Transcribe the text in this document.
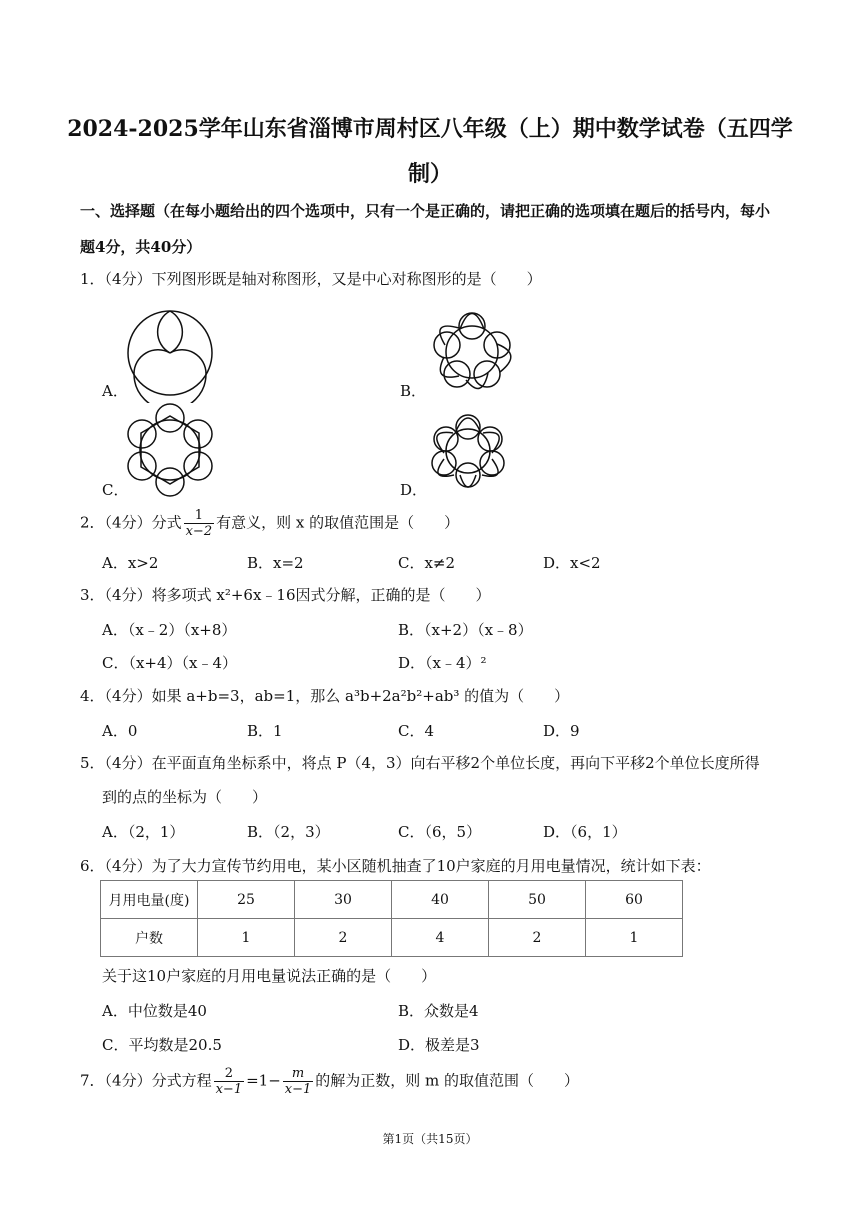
2024-2025学年山东省淄博市周村区八年级（上）期中数学试卷（五四学
制）
一、选择题（在每小题给出的四个选项中，只有一个是正确的，请把正确的选项填在题后的括号内，每小
题4分，共40分）
1．（4分）下列图形既是轴对称图形，又是中心对称图形的是（　　）
A．	B．
C．	D．
2．（4分）分式 $\frac{1}{x-2}$ 有意义，则 x 的取值范围是（　　）
A．x>2	B．x=2	C．x≠2	D．x<2
3．（4分）将多项式 x²+6x﹣16因式分解，正确的是（　　）
A．（x﹣2）（x+8）	B．（x+2）（x﹣8）
C．（x+4）（x﹣4）	D．（x﹣4）²
4．（4分）如果 a+b=3，ab=1，那么 a³b+2a²b²+ab³ 的值为（　　）
A．0	B．1	C．4	D．9
5．（4分）在平面直角坐标系中，将点 P（4，3）向右平移2个单位长度，再向下平移2个单位长度所得
到的点的坐标为（　　）
A．（2，1）	B．（2，3）	C．（6，5）	D．（6，1）
6．（4分）为了大力宣传节约用电，某小区随机抽查了10户家庭的月用电量情况，统计如下表：
月用电量(度)	25	30	40	50	60
户数	1	2	4	2	1
关于这10户家庭的月用电量说法正确的是（　　）
A．中位数是40	B．众数是4
C．平均数是20.5	D．极差是3
7．（4分）分式方程 $\frac{2}{x-1} =1- \frac{m}{x-1}$ 的解为正数，则 m 的取值范围（　　）
第1页（共15页）
